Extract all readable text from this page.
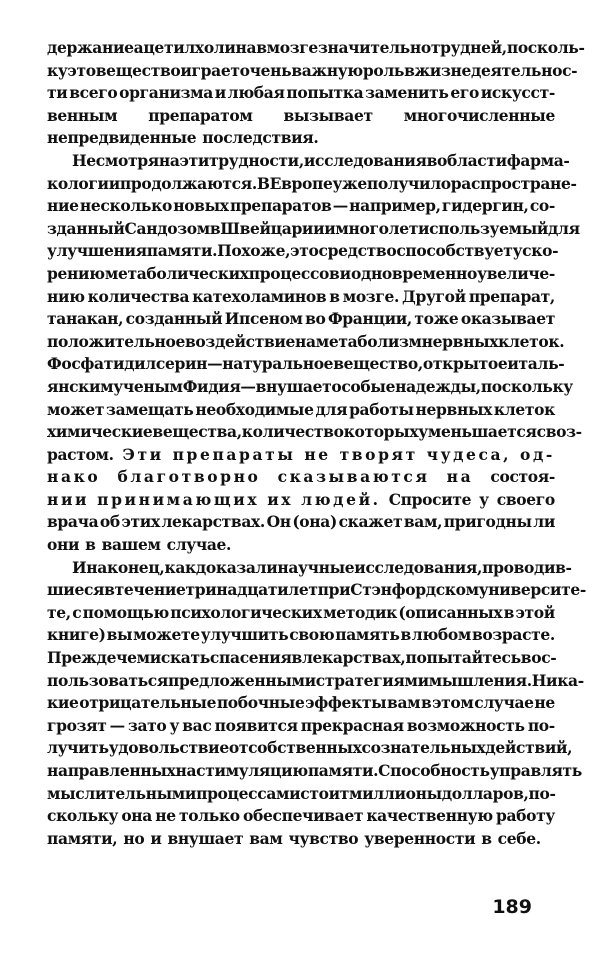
держание ацетилхолина в мозге значительно трудней, посколь-
ку это вещество играет очень важную роль в жизнедеятельнос-
ти всего организма и любая попытка заменить его искусст-
венным препаратом вызывает многочисленные
непредвиденные последствия.
Несмотря на эти трудности, исследования в области фарма-
кологии продолжаются. В Европе уже получило распростране-
ние несколько новых препаратов — например, гидергин, со-
зданный Сандозом в Швейцарии и много лет используемый для
улучшения памяти. Похоже, это средство способствует уско-
рению метаболических процессов и одновременно увеличе-
нию количества катехоламинов в мозге. Другой препарат,
танакан, созданный Ипсеном во Франции, тоже оказывает
положительное воздействие на метаболизм нервных клеток.
Фосфатидилсерин — натуральное вещество, открытое италь-
янским ученым Фидия — внушает особые надежды, поскольку
может замещать необходимые для работы нервных клеток
химические вещества, количество которых уменьшается с воз-
растом. Эти препараты не творят чудеса, од-
нако благотворно сказываются на состоя-
нии принимающих их людей. Спросите у своего
врача об этих лекарствах. Он (она) скажет вам, пригодны ли
они в вашем случае.
И наконец, как доказали научные исследования, проводив-
шиеся в течение тринадцати лет при Стэнфордском университе-
те, с помощью психологических методик (описанных в этой
книге) вы можете улучшить свою память в любом возрасте.
Прежде чем искать спасения в лекарствах, попытайтесь вос-
пользоваться предложенными стратегиями мышления. Ника-
кие отрицательные побочные эффекты вам в этом случае не
грозят — зато у вас появится прекрасная возможность по-
лучить удовольствие от собственных сознательных действий,
направленных на стимуляцию памяти. Способность управлять
мыслительными процессами стоит миллионы долларов, по-
скольку она не только обеспечивает качественную работу
памяти, но и внушает вам чувство уверенности в себе.
189
